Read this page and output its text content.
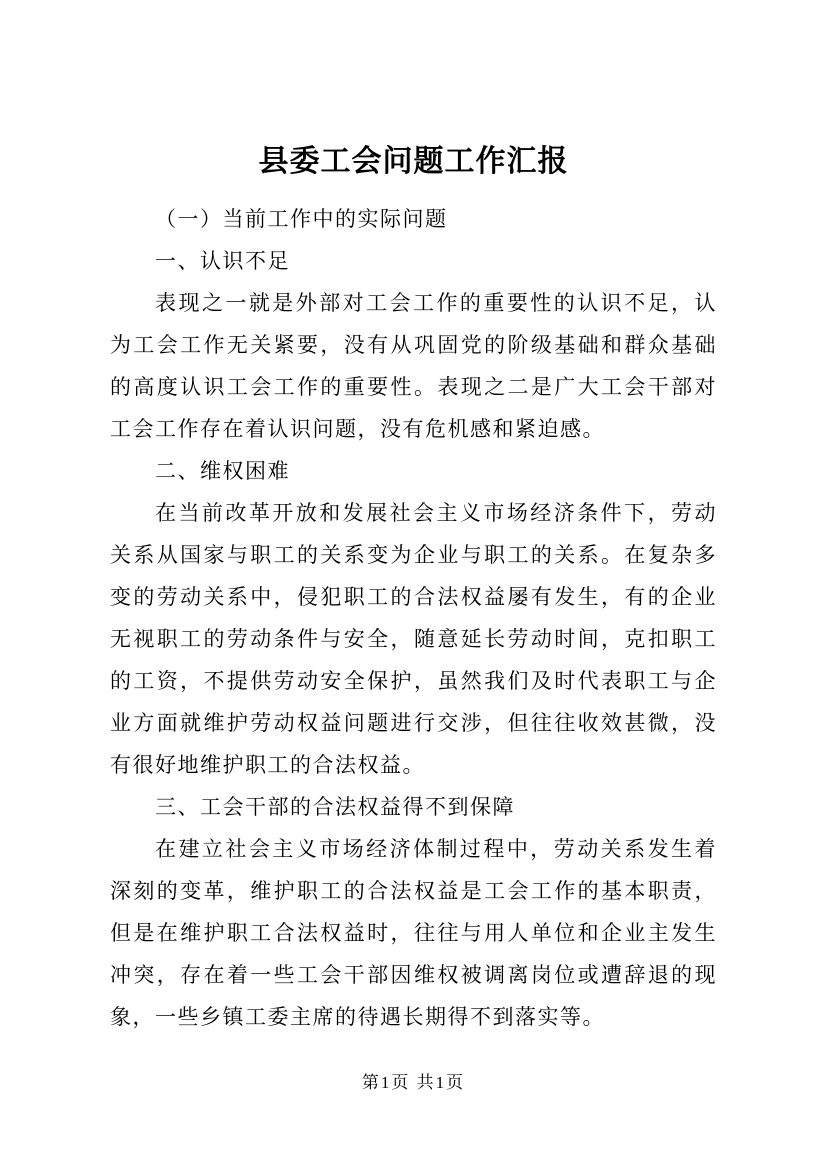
县委工会问题工作汇报

（一）当前工作中的实际问题

一、认识不足

表现之一就是外部对工会工作的重要性的认识不足，认为工会工作无关紧要，没有从巩固党的阶级基础和群众基础的高度认识工会工作的重要性。表现之二是广大工会干部对工会工作存在着认识问题，没有危机感和紧迫感。

二、维权困难

在当前改革开放和发展社会主义市场经济条件下，劳动关系从国家与职工的关系变为企业与职工的关系。在复杂多变的劳动关系中，侵犯职工的合法权益屡有发生，有的企业无视职工的劳动条件与安全，随意延长劳动时间，克扣职工的工资，不提供劳动安全保护，虽然我们及时代表职工与企业方面就维护劳动权益问题进行交涉，但往往收效甚微，没有很好地维护职工的合法权益。

三、工会干部的合法权益得不到保障

在建立社会主义市场经济体制过程中，劳动关系发生着深刻的变革，维护职工的合法权益是工会工作的基本职责，但是在维护职工合法权益时，往往与用人单位和企业主发生冲突，存在着一些工会干部因维权被调离岗位或遭辞退的现象，一些乡镇工委主席的待遇长期得不到落实等。

第1页 共1页
